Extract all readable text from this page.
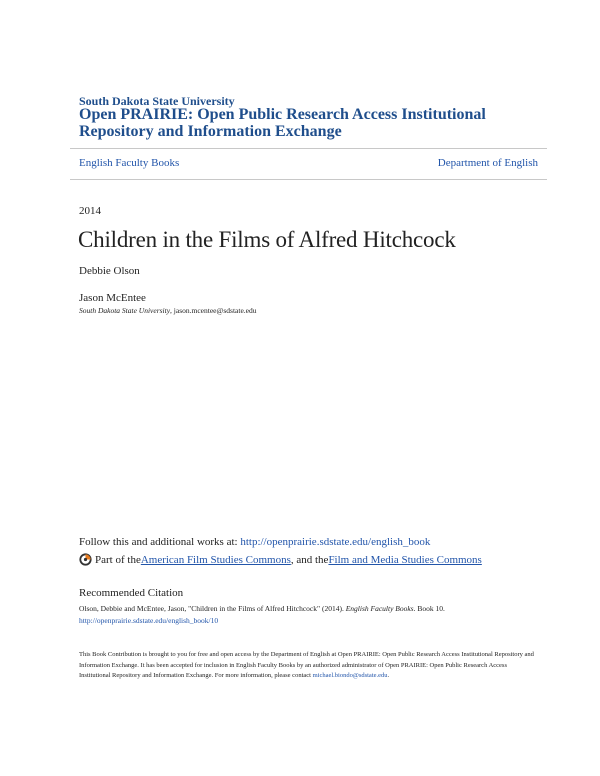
South Dakota State University
Open PRAIRIE: Open Public Research Access Institutional Repository and Information Exchange
English Faculty Books	Department of English
2014
Children in the Films of Alfred Hitchcock
Debbie Olson
Jason McEntee
South Dakota State University, jason.mcentee@sdstate.edu
Follow this and additional works at: http://openprairie.sdstate.edu/english_book
Part of the American Film Studies Commons , and the Film and Media Studies Commons
Recommended Citation
Olson, Debbie and McEntee, Jason, "Children in the Films of Alfred Hitchcock" (2014). English Faculty Books. Book 10.
http://openprairie.sdstate.edu/english_book/10
This Book Contribution is brought to you for free and open access by the Department of English at Open PRAIRIE: Open Public Research Access Institutional Repository and Information Exchange. It has been accepted for inclusion in English Faculty Books by an authorized administrator of Open PRAIRIE: Open Public Research Access Institutional Repository and Information Exchange. For more information, please contact michael.biondo@sdstate.edu.
